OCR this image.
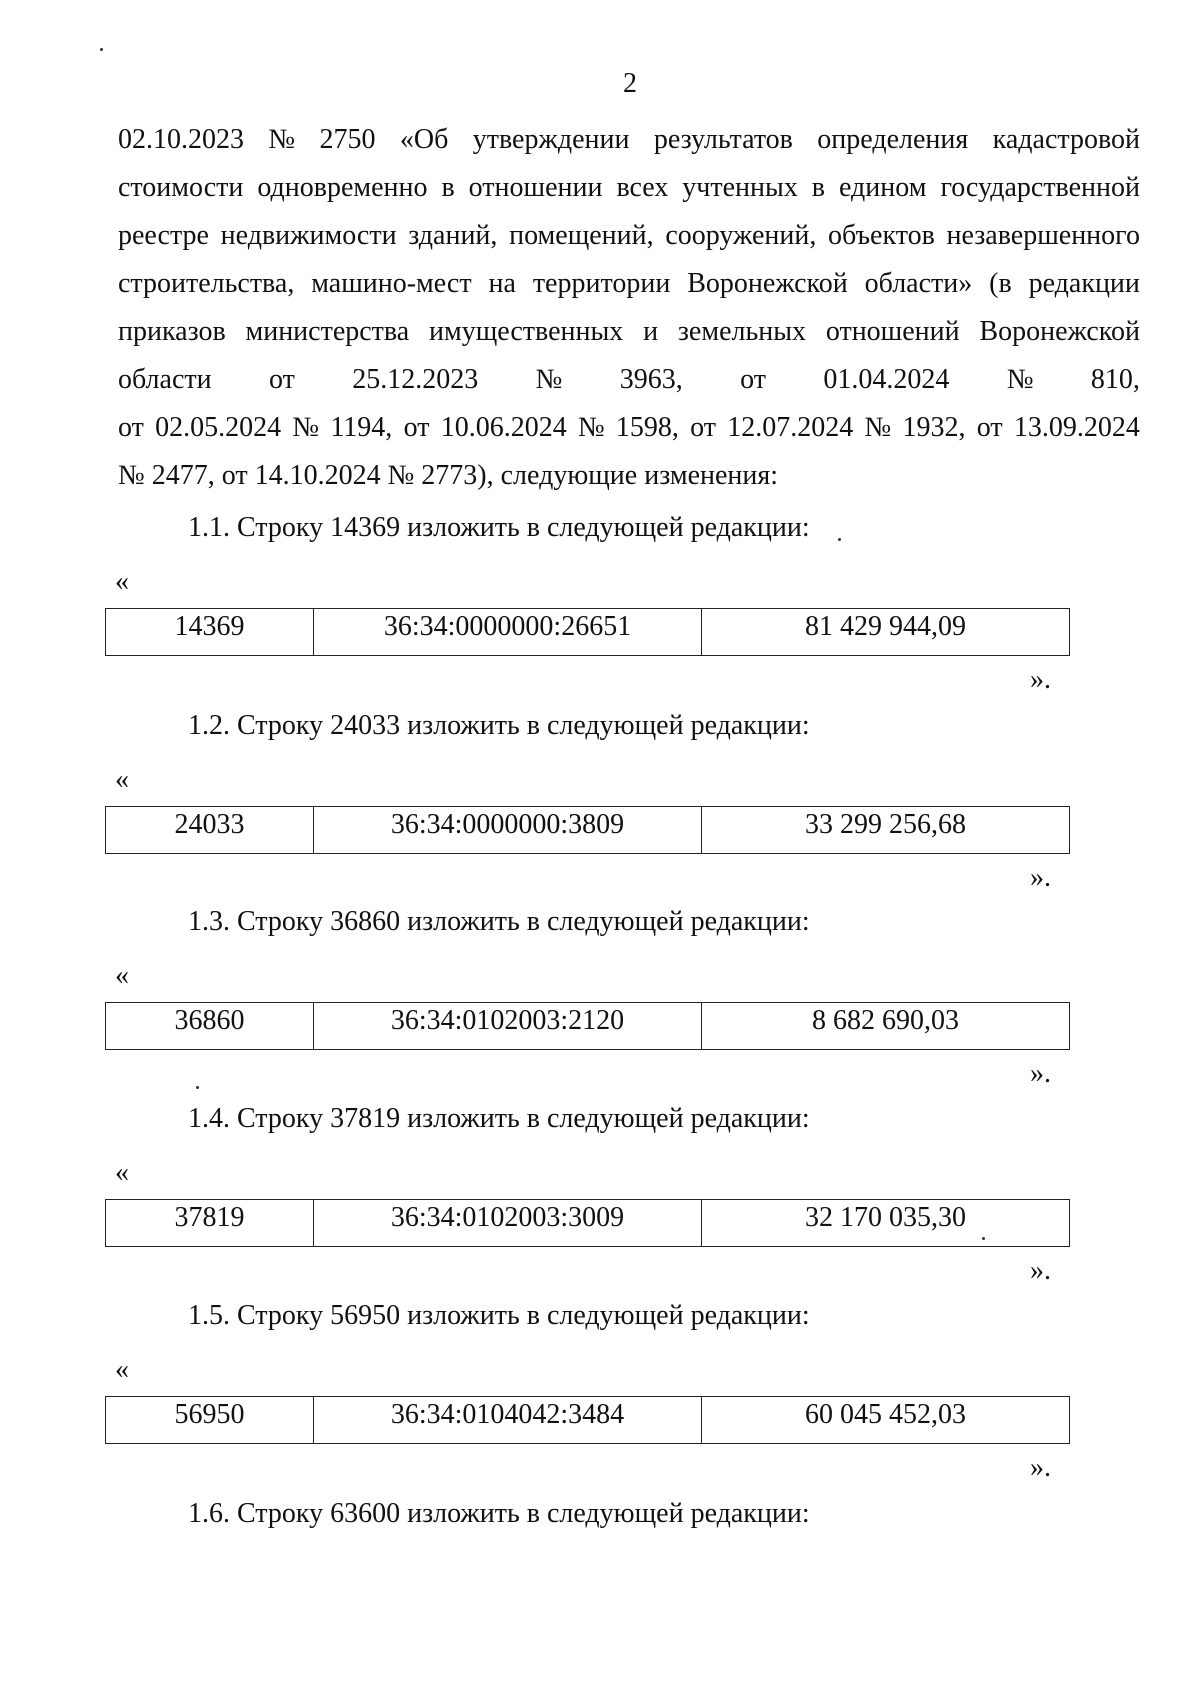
2
02.10.2023 № 2750 «Об утверждении результатов определения кадастровой
стоимости одновременно в отношении всех учтенных в едином государственной
реестре недвижимости зданий, помещений, сооружений, объектов незавершенного
строительства, машино-мест на территории Воронежской области» (в редакции
приказов министерства имущественных и земельных отношений Воронежской
области от 25.12.2023 № 3963, от 01.04.2024 № 810,
от 02.05.2024 № 1194, от 10.06.2024 № 1598, от 12.07.2024 № 1932, от 13.09.2024
№ 2477, от 14.10.2024 № 2773), следующие изменения:
1.1. Строку 14369 изложить в следующей редакции:
«
14369	36:34:0000000:26651	81 429 944,09
».
1.2. Строку 24033 изложить в следующей редакции:
«
24033	36:34:0000000:3809	33 299 256,68
».
1.3. Строку 36860 изложить в следующей редакции:
«
36860	36:34:0102003:2120	8 682 690,03
».
1.4. Строку 37819 изложить в следующей редакции:
«
37819	36:34:0102003:3009	32 170 035,30
».
1.5. Строку 56950 изложить в следующей редакции:
«
56950	36:34:0104042:3484	60 045 452,03
».
1.6. Строку 63600 изложить в следующей редакции:
